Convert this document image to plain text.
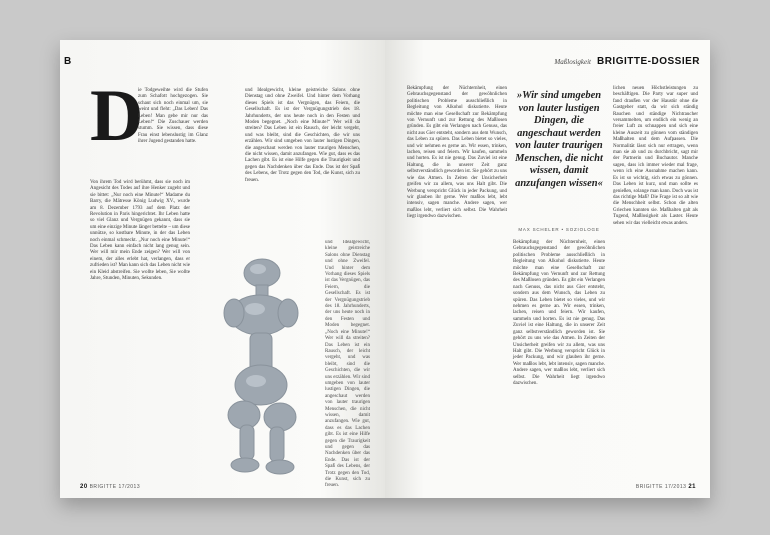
B
D
ie Todgeweihte wird die Stufen zum Schafott hochgezogen. Sie schaut sich noch einmal um, sie weint und fleht: „Das Leben! Das Leben! Man gebe mir nur das Leben!“ Die Zuschauer werden stumm. Sie wissen, dass diese Frau einst lebenslustig im Glanz ihrer Jugend gestanden hatte.
Von ihrem Tod wird berühmt, dass sie noch im Angesicht des Todes auf ihre Henker zugeht und sie bittet: „Nur noch eine Minute!“ Madame du Barry, die Mätresse König Ludwig XV., wurde am 8. Dezember 1793 auf dem Platz der Revolution in Paris hingerichtet. Ihr Leben hatte so viel Glanz und Vergnügen gekannt, dass sie um eine einzige Minute länger bettelte – um diese unnütze, so kostbare Minute, in der das Leben noch einmal schmeckt. „Nur noch eine Minute!“ Das Leben kann einfach nicht lang genug sein. Wer will mir mein Ende zeigen? Wer will von einem, der alles erlebt hat, verlangen, dass er zufrieden ist? Man kann sich das Leben nicht wie ein Kleid abstreifen. Sie wollte leben, Sie wollte Jahre, Stunden, Minuten, Sekunden.
und Idealgewicht, kleine geistreiche Salons ohne Dienstag und ohne Zweifel. Und hinter dem Vorhang dieses Spiels ist das Vergnügen, das Feiern, die Gesellschaft. Es ist der Vergnügungstrieb des 18. Jahrhunderts, der uns heute noch in den Festen und Moden begegnet. „Noch eine Minute!“ Wer will da streiten? Das Leben ist ein Rausch, der leicht vergeht, und was bleibt, sind die Geschichten, die wir uns erzählen. Wir sind umgeben von lauter lustigen Dingen, die angeschaut werden von lauter traurigen Menschen, die nicht wissen, damit anzufangen. Wie gut, dass es das Lachen gibt. Es ist eine Hilfe gegen die Traurigkeit und gegen das Nachdenken über das Ende. Das ist der Spaß des Lebens, der Trotz gegen den Tod, die Kunst, sich zu freuen.
und Idealgewicht, kleine geistreiche Salons ohne Dienstag und ohne Zweifel. Und hinter dem Vorhang dieses Spiels ist das Vergnügen, das Feiern, die Gesellschaft. Es ist der Vergnügungstrieb des 18. Jahrhunderts, der uns heute noch in den Festen und Moden begegnet. „Noch eine Minute!“ Wer will da streiten? Das Leben ist ein Rausch, der leicht vergeht, und was bleibt, sind die Geschichten, die wir uns erzählen. Wir sind umgeben von lauter lustigen Dingen, die angeschaut werden von lauter traurigen Menschen, die nicht wissen, damit anzufangen. Wie gut, dass es das Lachen gibt. Es ist eine Hilfe gegen die Traurigkeit und gegen das Nachdenken über das Ende. Das ist der Spaß des Lebens, der Trotz gegen den Tod, die Kunst, sich zu freuen.
20 BRIGITTE 17/2013
Maßlosigkeit BRIGITTE-DOSSIER
Bekämpfung der Nüchternheit, einen Gebrauchsgegenstand der gewöhnlichen politischen Probleme ausschließlich in Begleitung von Alkohol diskutierte. Heute möchte man eine Gesellschaft zur Bekämpfung von Vernunft und zur Rettung des Maßlosen gründen. Es gibt ein Verlangen nach Genuss, das nicht aus Gier entsteht, sondern aus dem Wunsch, das Leben zu spüren. Das Leben bietet so vieles, und wir nehmen es gerne an. Wir essen, trinken, lachen, reisen und feiern. Wir kaufen, sammeln und horten. Es ist nie genug. Das Zuviel ist eine Haltung, die in unserer Zeit ganz selbstverständlich geworden ist. Sie gehört zu uns wie das Atmen. In Zeiten der Unsicherheit greifen wir zu allem, was uns Halt gibt. Die Werbung verspricht Glück in jeder Packung, und wir glauben ihr gerne. Wer maßlos lebt, lebt intensiv, sagen manche. Andere sagen, wer maßlos lebt, verliert sich selbst. Die Wahrheit liegt irgendwo dazwischen.
»Wir sind umgeben von lauter lustigen Dingen, die angeschaut werden von lauter traurigen Menschen, die nicht wissen, damit anzufangen wissen«
MAX SCHELER • SOZIOLOGE
Bekämpfung der Nüchternheit, einen Gebrauchsgegenstand der gewöhnlichen politischen Probleme ausschließlich in Begleitung von Alkohol diskutierte. Heute möchte man eine Gesellschaft zur Bekämpfung von Vernunft und zur Rettung des Maßlosen gründen. Es gibt ein Verlangen nach Genuss, das nicht aus Gier entsteht, sondern aus dem Wunsch, das Leben zu spüren. Das Leben bietet so vieles, und wir nehmen es gerne an. Wir essen, trinken, lachen, reisen und feiern. Wir kaufen, sammeln und horten. Es ist nie genug. Das Zuviel ist eine Haltung, die in unserer Zeit ganz selbstverständlich geworden ist. Sie gehört zu uns wie das Atmen. In Zeiten der Unsicherheit greifen wir zu allem, was uns Halt gibt. Die Werbung verspricht Glück in jeder Packung, und wir glauben ihr gerne. Wer maßlos lebt, lebt intensiv, sagen manche. Andere sagen, wer maßlos lebt, verliert sich selbst. Die Wahrheit liegt irgendwo dazwischen.
lichen neuen Höchstleistungen zu beschäftigen. Die Party war super und fand draußen vor der Haustür ohne die Gastgeber statt, da wir sich ständig Rauchen und ständige Nichtraucher versammelten, um endlich ein wenig an freier Luft zu schnappen und sich eine kleine Auszeit zu gönnen vom ständigen Maßhalten und dem Aufpassen. Die Normalität lässt sich nur ertragen, wenn man sie ab und zu durchbricht, sagt mir der Partnerin und Buchautor. Manche sagen, dass ich immer wieder mal frage, wenn ich eine Ausnahme machen kann. Es ist so wichtig, sich etwas zu gönnen. Das Leben ist kurz, und man sollte es genießen, solange man kann. Doch was ist das richtige Maß? Die Frage ist so alt wie die Menschheit selbst. Schon die alten Griechen kannten sie. Maßhalten galt als Tugend, Maßlosigkeit als Laster. Heute sehen wir das vielleicht etwas anders.
BRIGITTE 17/2013 21
